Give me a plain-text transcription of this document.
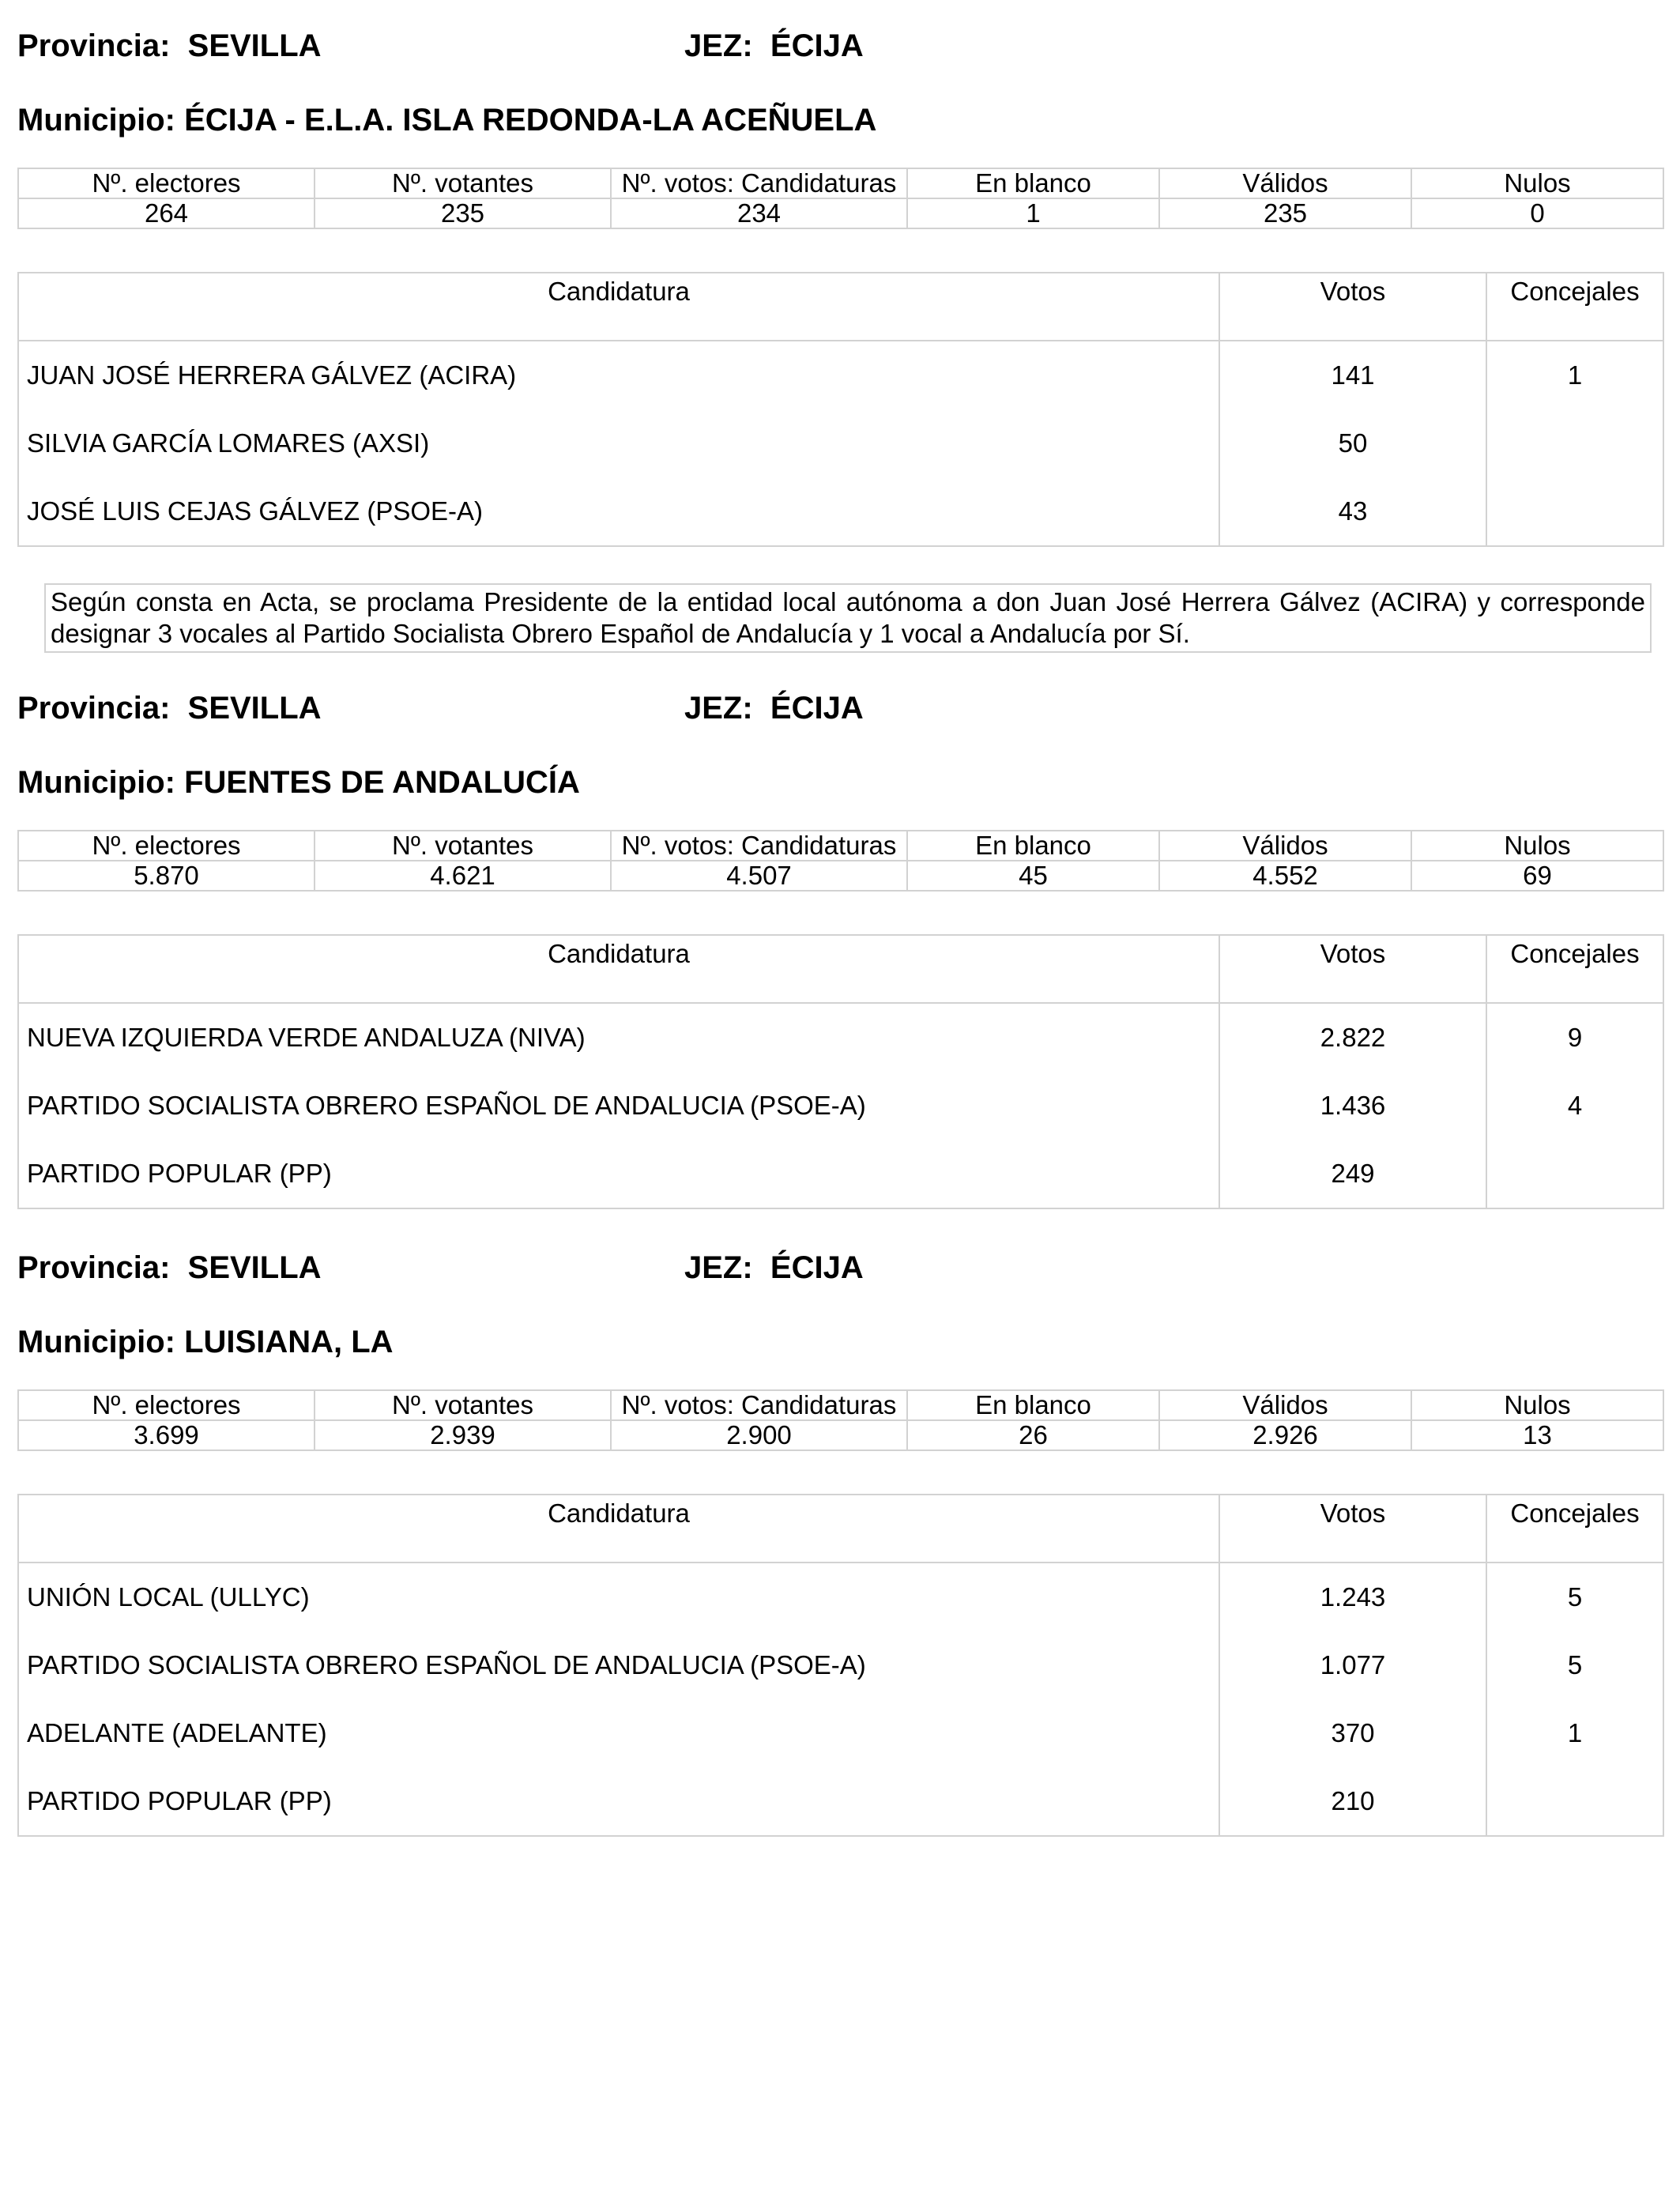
Provincia: SEVILLA	JEZ: ÉCIJA
Municipio: ÉCIJA - E.L.A. ISLA REDONDA-LA ACEÑUELA
Nº. electores	Nº. votantes	Nº. votos: Candidaturas	En blanco	Válidos	Nulos
264	235	234	1	235	0
Candidatura	Votos	Concejales
JUAN JOSÉ HERRERA GÁLVEZ (ACIRA)	141	1
SILVIA GARCÍA LOMARES (AXSI)	50	
JOSÉ LUIS CEJAS GÁLVEZ (PSOE-A)	43	
Según consta en Acta, se proclama Presidente de la entidad local autónoma a don Juan José Herrera Gálvez (ACIRA) y corresponde designar 3 vocales al Partido Socialista Obrero Español de Andalucía y 1 vocal a Andalucía por Sí.
Provincia: SEVILLA	JEZ: ÉCIJA
Municipio: FUENTES DE ANDALUCÍA
Nº. electores	Nº. votantes	Nº. votos: Candidaturas	En blanco	Válidos	Nulos
5.870	4.621	4.507	45	4.552	69
Candidatura	Votos	Concejales
NUEVA IZQUIERDA VERDE ANDALUZA (NIVA)	2.822	9
PARTIDO SOCIALISTA OBRERO ESPAÑOL DE ANDALUCIA (PSOE-A)	1.436	4
PARTIDO POPULAR (PP)	249	
Provincia: SEVILLA	JEZ: ÉCIJA
Municipio: LUISIANA, LA
Nº. electores	Nº. votantes	Nº. votos: Candidaturas	En blanco	Válidos	Nulos
3.699	2.939	2.900	26	2.926	13
Candidatura	Votos	Concejales
UNIÓN LOCAL (ULLYC)	1.243	5
PARTIDO SOCIALISTA OBRERO ESPAÑOL DE ANDALUCIA (PSOE-A)	1.077	5
ADELANTE (ADELANTE)	370	1
PARTIDO POPULAR (PP)	210	
